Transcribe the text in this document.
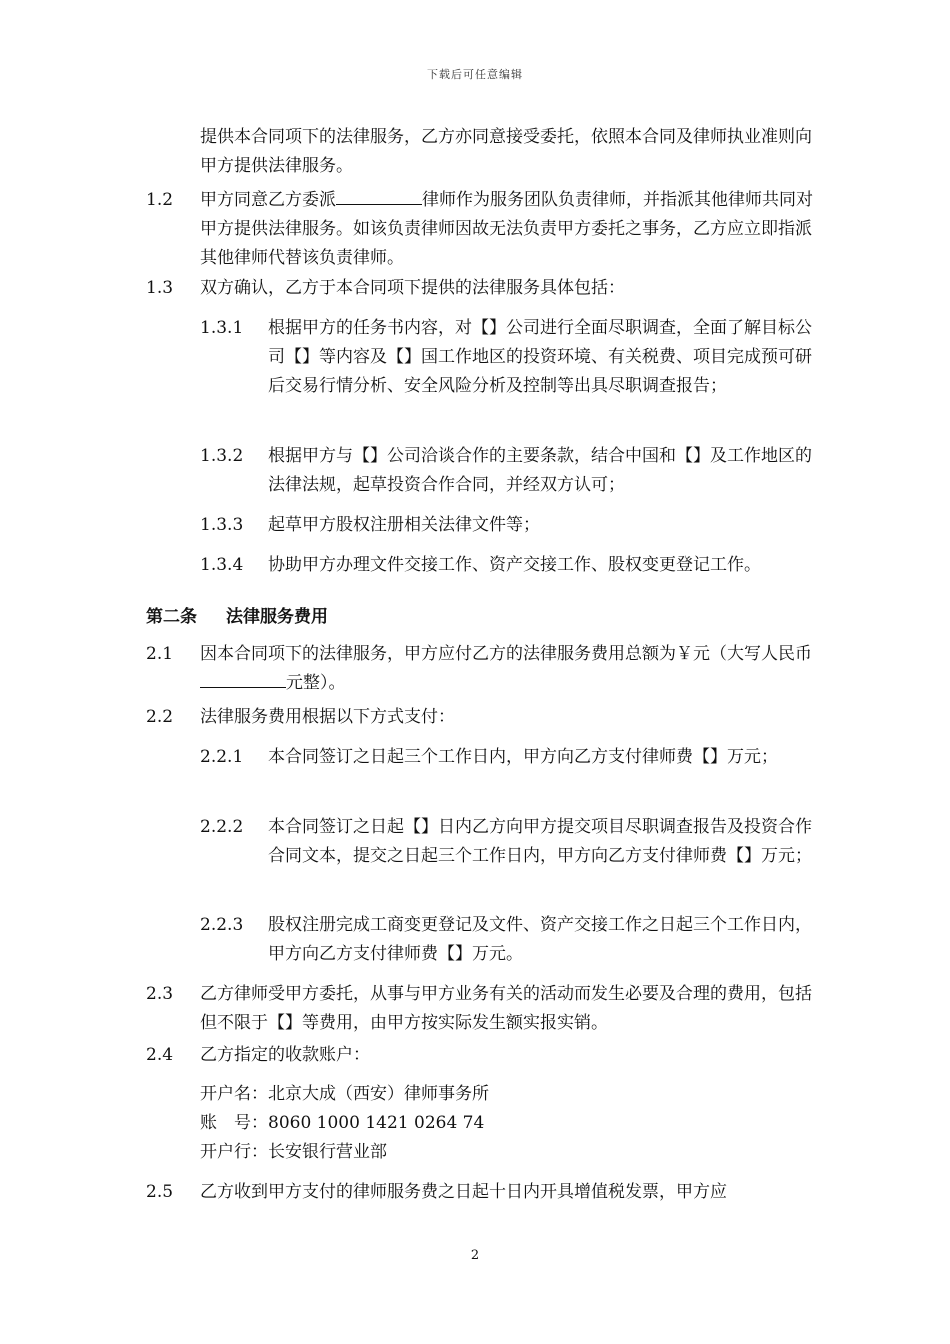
下载后可任意编辑
提供本合同项下的法律服务，乙方亦同意接受委托，依照本合同及律师执业准则向甲方提供法律服务。
1.2 甲方同意乙方委派	律师作为服务团队负责律师，并指派其他律师共同对甲方提供法律服务。如该负责律师因故无法负责甲方委托之事务，乙方应立即指派其他律师代替该负责律师。
1.3 双方确认，乙方于本合同项下提供的法律服务具体包括：
1.3.1 根据甲方的任务书内容，对【】公司进行全面尽职调查，全面了解目标公司【】等内容及【】国工作地区的投资环境、有关税费、项目完成预可研后交易行情分析、安全风险分析及控制等出具尽职调查报告；
1.3.2 根据甲方与【】公司洽谈合作的主要条款，结合中国和【】及工作地区的法律法规，起草投资合作合同，并经双方认可；
1.3.3 起草甲方股权注册相关法律文件等；
1.3.4 协助甲方办理文件交接工作、资产交接工作、股权变更登记工作。
第二条 法律服务费用
2.1 因本合同项下的法律服务，甲方应付乙方的法律服务费用总额为￥元（大写人民币元整）。
2.2 法律服务费用根据以下方式支付：
2.2.1 本合同签订之日起三个工作日内，甲方向乙方支付律师费【】万元；
2.2.2 本合同签订之日起【】日内乙方向甲方提交项目尽职调查报告及投资合作合同文本，提交之日起三个工作日内，甲方向乙方支付律师费【】万元；
2.2.3 股权注册完成工商变更登记及文件、资产交接工作之日起三个工作日内，甲方向乙方支付律师费【】万元。
2.3 乙方律师受甲方委托，从事与甲方业务有关的活动而发生必要及合理的费用，包括但不限于【】等费用，由甲方按实际发生额实报实销。
2.4 乙方指定的收款账户：
开户名：北京大成（西安）律师事务所
账　号：8060 1000 1421 0264 74
开户行：长安银行营业部
2.5 乙方收到甲方支付的律师服务费之日起十日内开具增值税发票，甲方应
2
